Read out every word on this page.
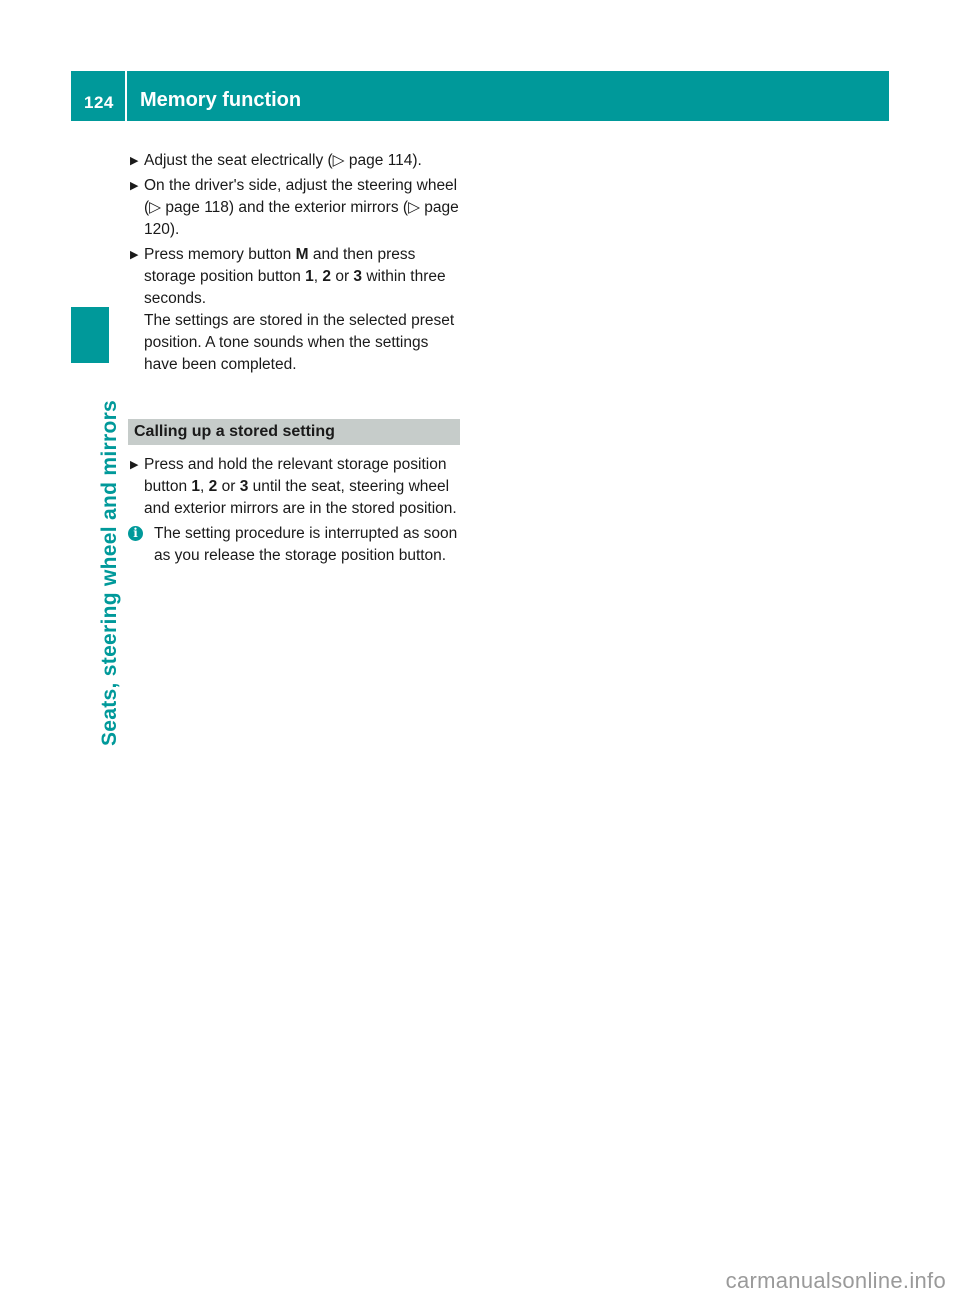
124 Memory function
Seats, steering wheel and mirrors
▶ Adjust the seat electrically (▷ page 114).
▶ On the driver's side, adjust the steering wheel (▷ page 118) and the exterior mirrors (▷ page 120).
▶ Press memory button M and then press storage position button 1, 2 or 3 within three seconds.
The settings are stored in the selected preset position. A tone sounds when the settings have been completed.
Calling up a stored setting
▶ Press and hold the relevant storage position button 1, 2 or 3 until the seat, steering wheel and exterior mirrors are in the stored position.
i	The setting procedure is interrupted as soon as you release the storage position button.
carmanualsonline.info
